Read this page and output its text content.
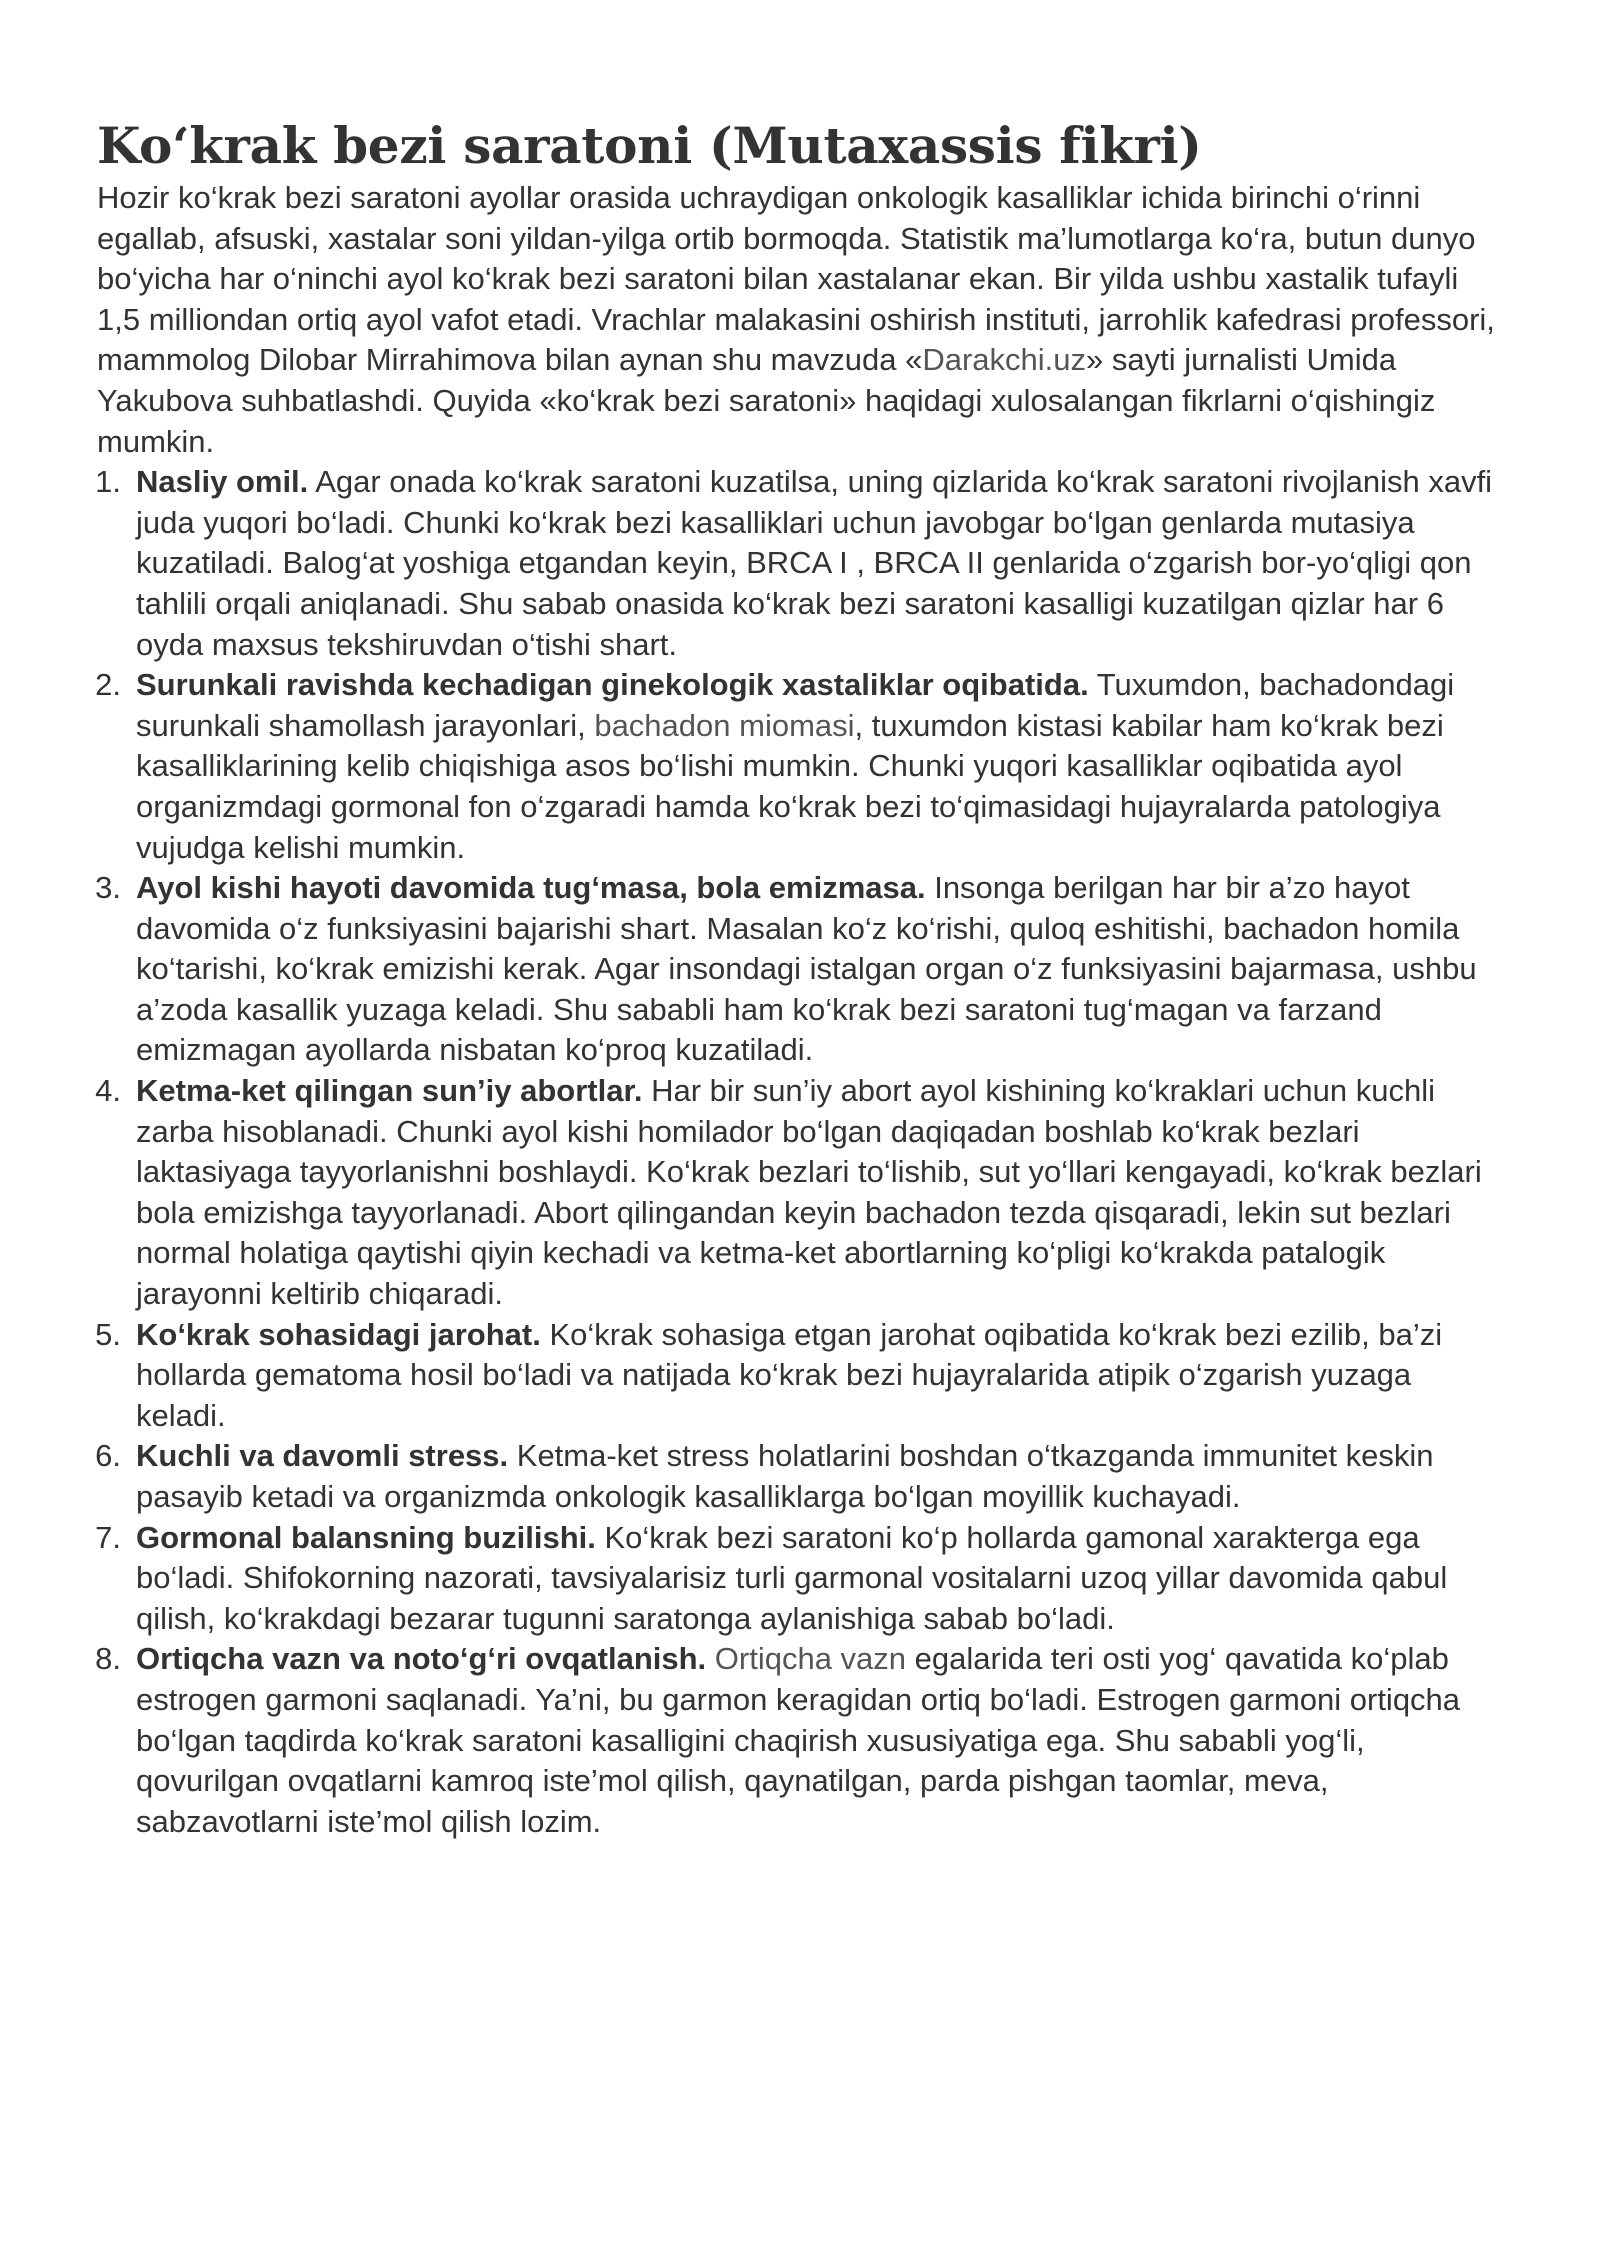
Ko‘krak bezi saratoni (Mutaxassis fikri)

Hozir ko‘krak bezi saratoni ayollar orasida uchraydigan onkologik kasalliklar ichida birinchi o‘rinni egallab, afsuski, xastalar soni yildan-yilga ortib bormoqda. Statistik ma’lumotlarga ko‘ra, butun dunyo bo‘yicha har o‘ninchi ayol ko‘krak bezi saratoni bilan xastalanar ekan. Bir yilda ushbu xastalik tufayli 1,5 milliondan ortiq ayol vafot etadi. Vrachlar malakasini oshirish instituti, jarrohlik kafedrasi professori, mammolog Dilobar Mirrahimova bilan aynan shu mavzuda «Darakchi.uz» sayti jurnalisti Umida Yakubova suhbatlashdi. Quyida «ko‘krak bezi saratoni» haqidagi xulosalangan fikrlarni o‘qishingiz mumkin.

1 . Nasliy omil. Agar onada ko‘krak saratoni kuzatilsa, uning qizlarida ko‘krak saratoni rivojlanish xavfi juda yuqori bo‘ladi. Chunki ko‘krak bezi kasalliklari uchun javobgar bo‘lgan genlarda mutasiya kuzatiladi. Balog‘at yoshiga etgandan keyin, BRCA I , BRCA II genlarida o‘zgarish bor-yo‘qligi qon tahlili orqali aniqlanadi. Shu sabab onasida ko‘krak bezi saratoni kasalligi kuzatilgan qizlar har 6 oyda maxsus tekshiruvdan o‘tishi shart.
2 . Surunkali ravishda kechadigan ginekologik xastaliklar oqibatida. Tuxumdon, bachadondagi surunkali shamollash jarayonlari, bachadon miomasi, tuxumdon kistasi kabilar ham ko‘krak bezi kasalliklarining kelib chiqishiga asos bo‘lishi mumkin. Chunki yuqori kasalliklar oqibatida ayol organizmdagi gormonal fon o‘zgaradi hamda ko‘krak bezi to‘qimasidagi hujayralarda patologiya vujudga kelishi mumkin.
3 . Ayol kishi hayoti davomida tug‘masa, bola emizmasa. Insonga berilgan har bir a’zo hayot davomida o‘z funksiyasini bajarishi shart. Masalan ko‘z ko‘rishi, quloq eshitishi, bachadon homila ko‘tarishi, ko‘krak emizishi kerak. Agar insondagi istalgan organ o‘z funksiyasini bajarmasa, ushbu a’zoda kasallik yuzaga keladi. Shu sababli ham ko‘krak bezi saratoni tug‘magan va farzand emizmagan ayollarda nisbatan ko‘proq kuzatiladi.
4 . Ketma-ket qilingan sun’iy abortlar. Har bir sun’iy abort ayol kishining ko‘kraklari uchun kuchli zarba hisoblanadi. Chunki ayol kishi homilador bo‘lgan daqiqadan boshlab ko‘krak bezlari laktasiyaga tayyorlanishni boshlaydi. Ko‘krak bezlari to‘lishib, sut yo‘llari kengayadi, ko‘krak bezlari bola emizishga tayyorlanadi. Abort qilingandan keyin bachadon tezda qisqaradi, lekin sut bezlari normal holatiga qaytishi qiyin kechadi va ketma-ket abortlarning ko‘pligi ko‘krakda patalogik jarayonni keltirib chiqaradi.
5 . Ko‘krak sohasidagi jarohat. Ko‘krak sohasiga etgan jarohat oqibatida ko‘krak bezi ezilib, ba’zi hollarda gematoma hosil bo‘ladi va natijada ko‘krak bezi hujayralarida atipik o‘zgarish yuzaga keladi.
6 . Kuchli va davomli stress. Ketma-ket stress holatlarini boshdan o‘tkazganda immunitet keskin pasayib ketadi va organizmda onkologik kasalliklarga bo‘lgan moyillik kuchayadi.
7 . Gormonal balansning buzilishi. Ko‘krak bezi saratoni ko‘p hollarda gamonal xarakterga ega bo‘ladi. Shifokorning nazorati, tavsiyalarisiz turli garmonal vositalarni uzoq yillar davomida qabul qilish, ko‘krakdagi bezarar tugunni saratonga aylanishiga sabab bo‘ladi.
8 . Ortiqcha vazn va noto‘g‘ri ovqatlanish. Ortiqcha vazn egalarida teri osti yog‘ qavatida ko‘plab estrogen garmoni saqlanadi. Ya’ni, bu garmon keragidan ortiq bo‘ladi. Estrogen garmoni ortiqcha bo‘lgan taqdirda ko‘krak saratoni kasalligini chaqirish xususiyatiga ega. Shu sababli yog‘li, qovurilgan ovqatlarni kamroq iste’mol qilish, qaynatilgan, parda pishgan taomlar, meva, sabzavotlarni iste’mol qilish lozim.
